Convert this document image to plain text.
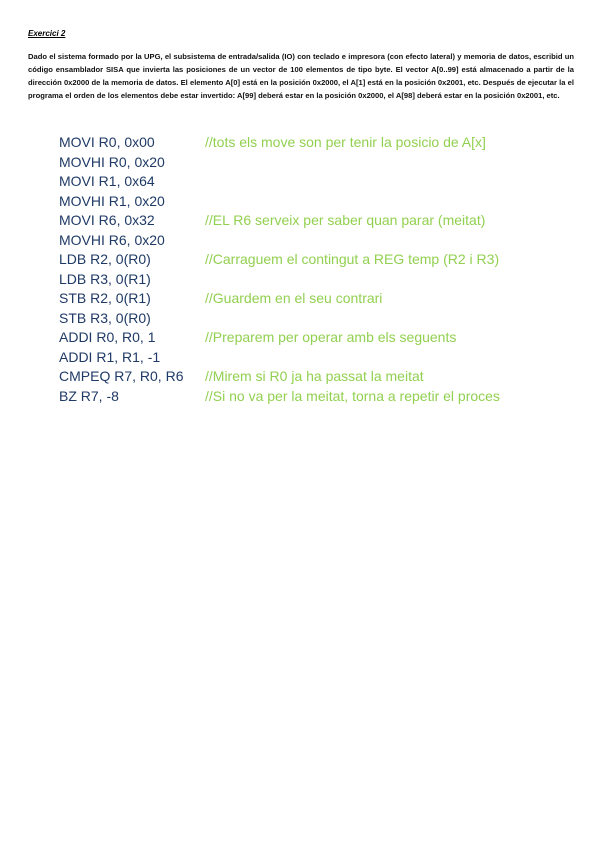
Exercici 2
Dado el sistema formado por la UPG, el subsistema de entrada/salida (IO) con teclado e impresora (con efecto lateral) y memoria de datos, escribid un código ensamblador SISA que invierta las posiciones de un vector de 100 elementos de tipo byte. El vector A[0..99] está almacenado a partir de la dirección 0x2000 de la memoria de datos. El elemento A[0] está en la posición 0x2000, el A[1] está en la posición 0x2001, etc. Después de ejecutar la el programa el orden de los elementos debe estar invertido: A[99] deberá estar en la posición 0x2000, el A[98] deberá estar en la posición 0x2001, etc.
MOVI R0, 0x00	//tots els move son per tenir la posicio de A[x]
MOVHI R0, 0x20
MOVI R1, 0x64
MOVHI R1, 0x20
MOVI R6, 0x32	//EL R6 serveix per saber quan parar (meitat)
MOVHI R6, 0x20
LDB R2, 0(R0)	//Carraguem el contingut a REG temp (R2 i R3)
LDB R3, 0(R1)
STB R2, 0(R1)	//Guardem en el seu contrari
STB R3, 0(R0)
ADDI R0, R0, 1	//Preparem per operar amb els seguents
ADDI R1, R1, -1
CMPEQ R7, R0, R6	//Mirem si R0 ja ha passat la meitat
BZ R7, -8	//Si no va per la meitat, torna a repetir el proces
